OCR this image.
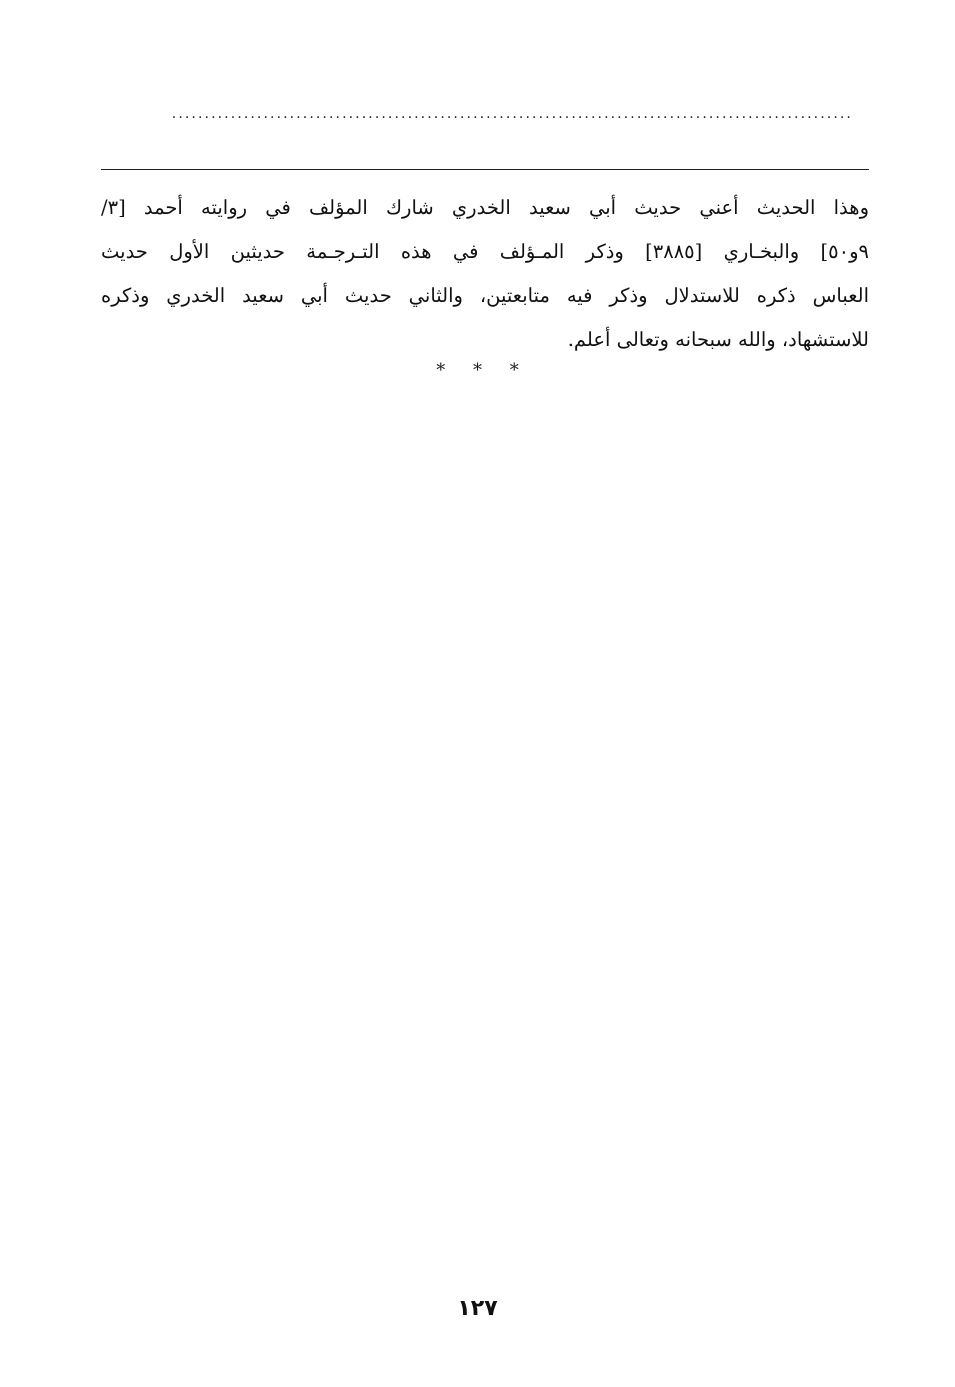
........................................................................................................
وهذا الحديث أعني حديث أبي سعيد الخدري شارك المؤلف في روايته أحمد [٣/
٩و٥٠] والبخـاري [٣٨٨٥] وذكر المـؤلف في هذه التـرجـمة حديثين الأول حديث
العباس ذكره للاستدلال وذكر فيه متابعتين، والثاني حديث أبي سعيد الخدري وذكره
للاستشهاد، والله سبحانه وتعالى أعلم.
* * *
١٢٧
